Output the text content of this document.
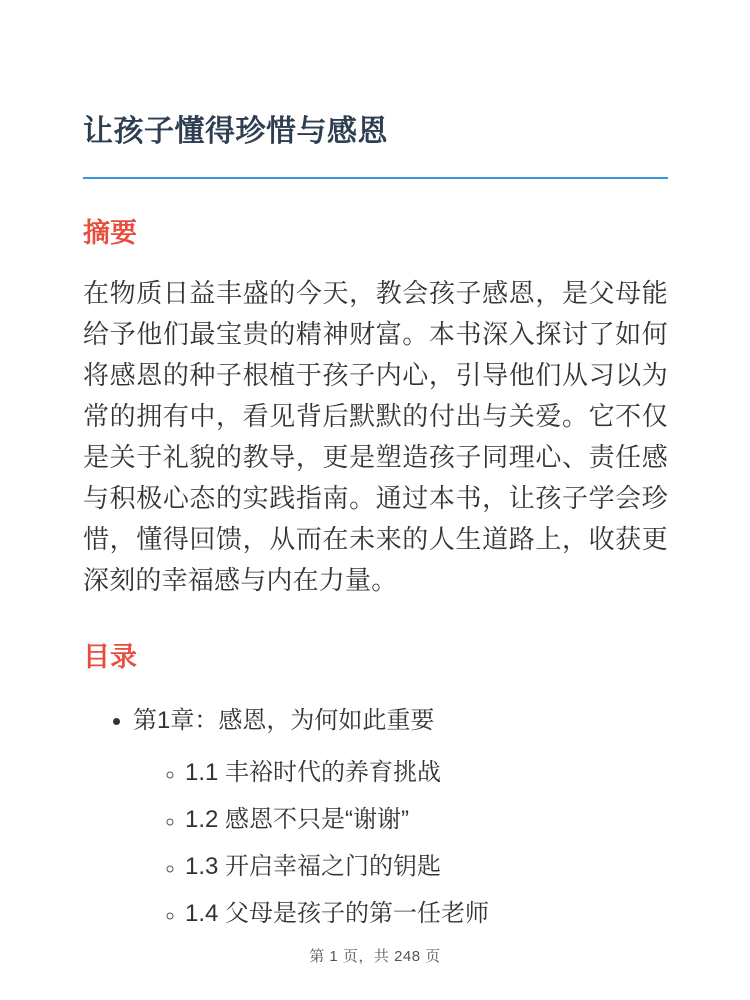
让孩子懂得珍惜与感恩
摘要

在物质日益丰盛的今天，教会孩子感恩，是父母能给予他们最宝贵的精神财富。本书深入探讨了如何将感恩的种子根植于孩子内心，引导他们从习以为常的拥有中，看见背后默默的付出与关爱。它不仅是关于礼貌的教导，更是塑造孩子同理心、责任感与积极心态的实践指南。通过本书，让孩子学会珍惜，懂得回馈，从而在未来的人生道路上，收获更深刻的幸福感与内在力量。

目录
• 第1章：感恩，为何如此重要
◦ 1.1 丰裕时代的养育挑战
◦ 1.2 感恩不只是“谢谢”
◦ 1.3 开启幸福之门的钥匙
◦ 1.4 父母是孩子的第一任老师
第 1 页，共 248 页
